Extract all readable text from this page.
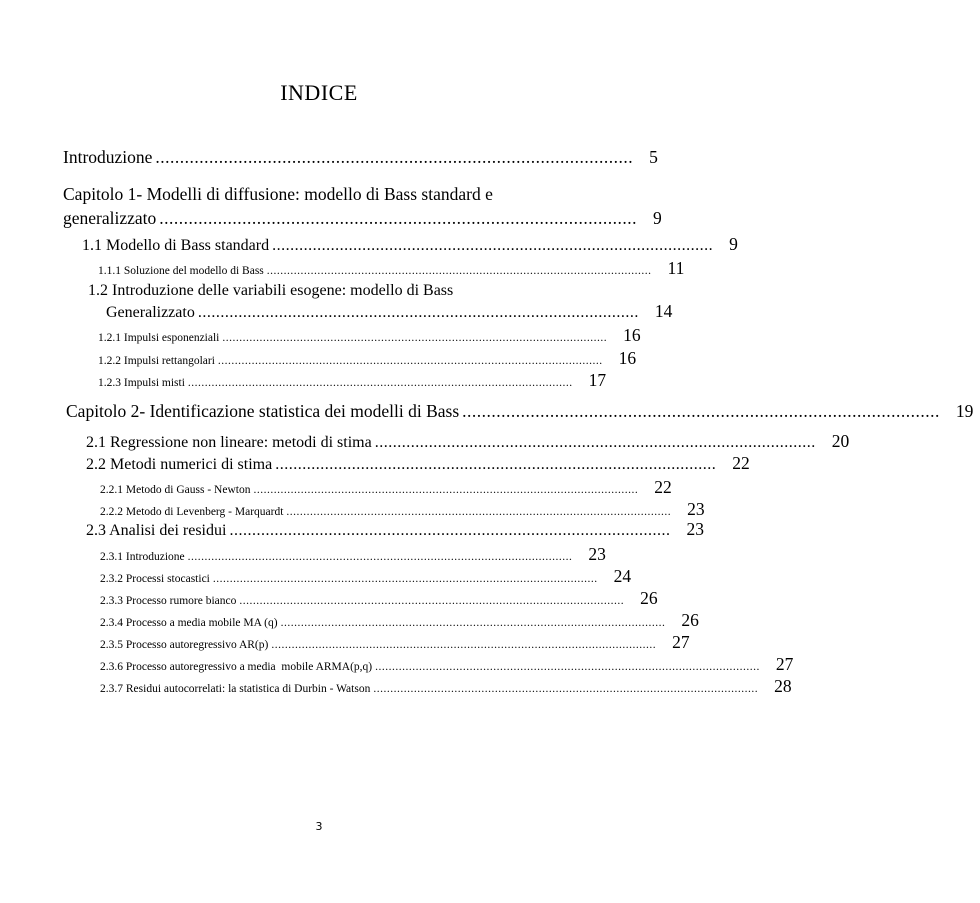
INDICE
Introduzione .................................................................................................. 5
Capitolo 1- Modelli di diffusione: modello di Bass standard e
generalizzato .................................................................................................. 9
1.1 Modello di Bass standard .................................................................................................. 9
1.1.1 Soluzione del modello di Bass .................................................................................................................. 11
1.2 Introduzione delle variabili esogene: modello di Bass
Generalizzato .................................................................................................. 14
1.2.1 Impulsi esponenziali .................................................................................................................. 16
1.2.2 Impulsi rettangolari .................................................................................................................. 16
1.2.3 Impulsi misti .................................................................................................................. 17
Capitolo 2- Identificazione statistica dei modelli di Bass .................................................................................................. 19
2.1 Regressione non lineare: metodi di stima .................................................................................................. 20
2.2 Metodi numerici di stima .................................................................................................. 22
2.2.1 Metodo di Gauss - Newton .................................................................................................................. 22
2.2.2 Metodo di Levenberg - Marquardt .................................................................................................................. 23
2.3 Analisi dei residui .................................................................................................. 23
2.3.1 Introduzione .................................................................................................................. 23
2.3.2 Processi stocastici .................................................................................................................. 24
2.3.3 Processo rumore bianco .................................................................................................................. 26
2.3.4 Processo a media mobile MA (q) .................................................................................................................. 26
2.3.5 Processo autoregressivo AR(p) .................................................................................................................. 27
2.3.6 Processo autoregressivo a media  mobile ARMA(p,q) .................................................................................................................. 27
2.3.7 Residui autocorrelati: la statistica di Durbin - Watson .................................................................................................................. 28
3
